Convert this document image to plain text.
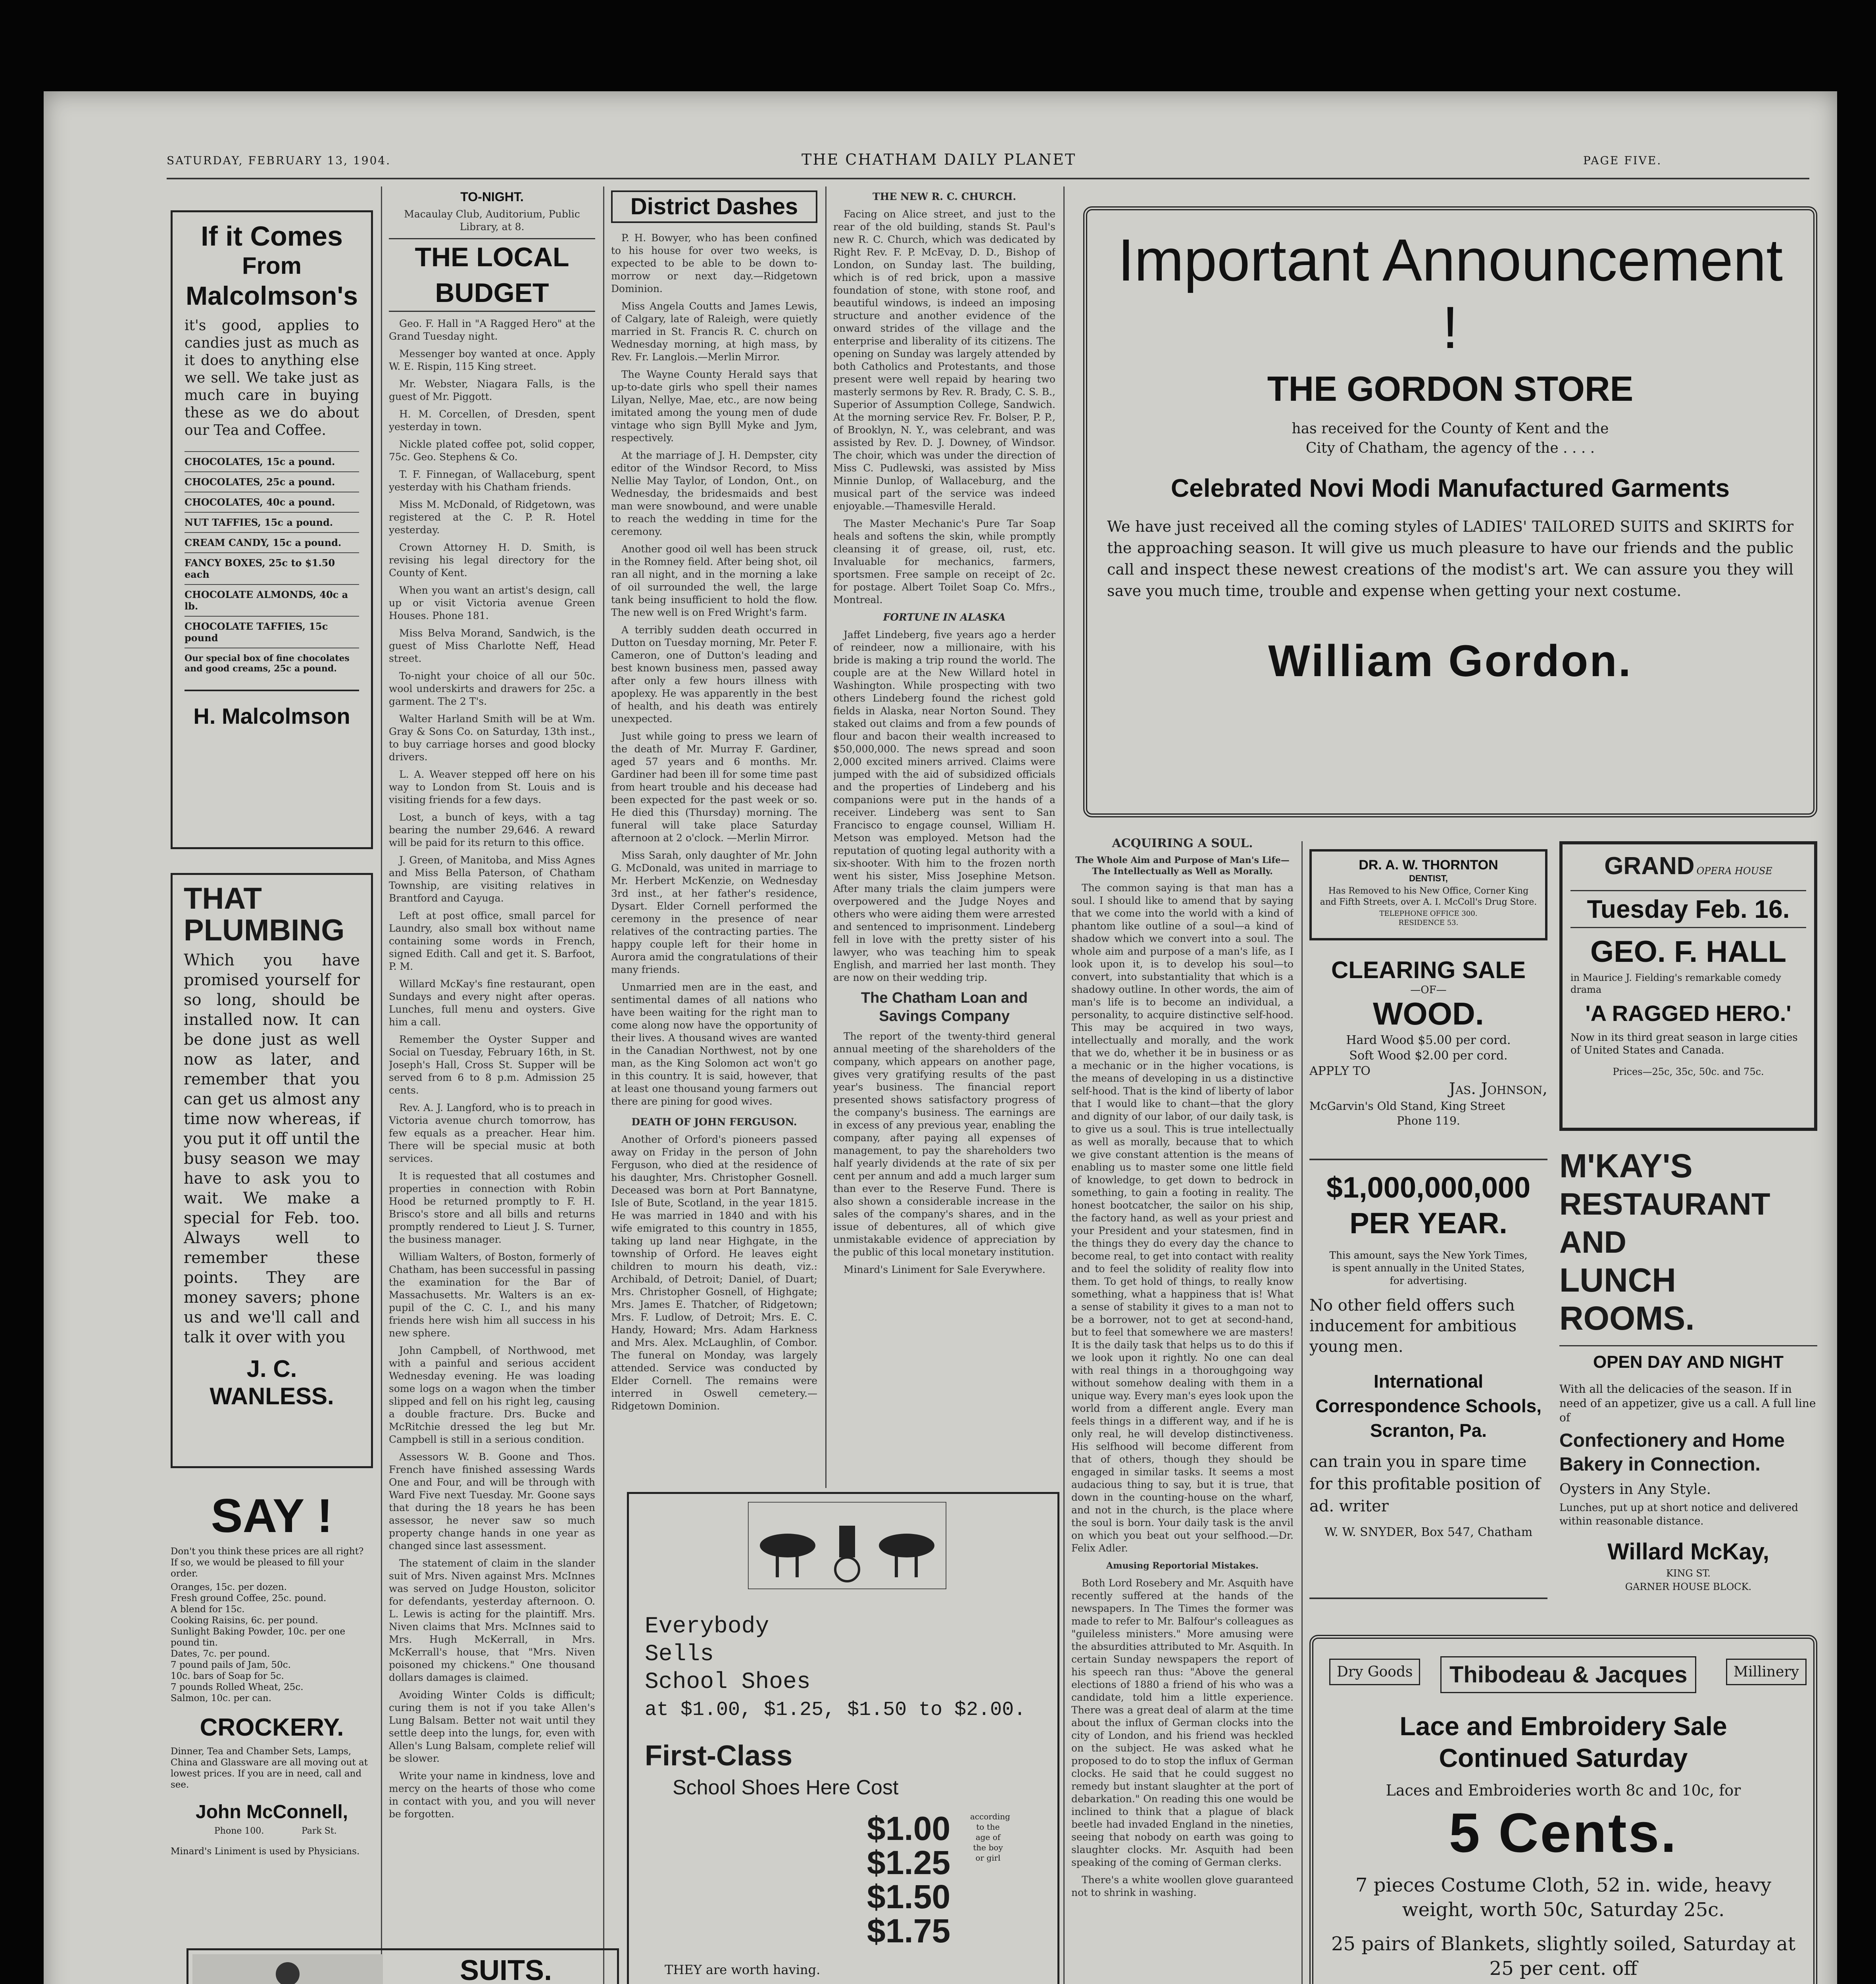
SATURDAY, FEBRUARY 13, 1904.	THE CHATHAM DAILY PLANET	PAGE FIVE.

If it Comes

From

Malcolmson's

it's good, applies to candies just as much as it does to anything else we sell. We take just as much care in buying these as we do about our Tea and Coffee.

CHOCOLATES, 15c a pound.

CHOCOLATES, 25c a pound.

CHOCOLATES, 40c a pound.

NUT TAFFIES, 15c a pound.

CREAM CANDY, 15c a pound.

FANCY BOXES, 25c to $1.50 each

CHOCOLATE ALMONDS, 40c a lb.

CHOCOLATE TAFFIES, 15c pound

Our special box of fine chocolates and good creams, 25c a pound.

H. Malcolmson

THAT

PLUMBING

Which you have promised yourself for so long, should be installed now. It can be done just as well now as later, and remember that you can get us almost any time now whereas, if you put it off until the busy season we may have to ask you to wait. We make a special for Feb. too. Always well to remember these points. They are money savers; phone us and we'll call and talk it over with you

J. C. WANLESS.

SAY !

Don't you think these prices are all right? If so, we would be pleased to fill your order.

Oranges, 15c. per dozen.
Fresh ground Coffee, 25c. pound.
A blend for 15c.
Cooking Raisins, 6c. per pound.
Sunlight Baking Powder, 10c. per one pound tin.
Dates, 7c. per pound.
7 pound pails of Jam, 50c.
10c. bars of Soap for 5c.
7 pounds Rolled Wheat, 25c.
Salmon, 10c. per can.

CROCKERY.

Dinner, Tea and Chamber Sets, Lamps, China and Glassware are all moving out at lowest prices. If you are in need, call and see.

John McConnell,

Phone 100.	Park St.

Minard's Liniment is used by Physicians.

SUITS.

TO-NIGHT.

Macaulay Club, Auditorium, Public Library, at 8.

THE LOCAL BUDGET

Geo. F. Hall in "A Ragged Hero" at the Grand Tuesday night.

Messenger boy wanted at once. Apply W. E. Rispin, 115 King street.

Mr. Webster, Niagara Falls, is the guest of Mr. Piggott.

H. M. Corcellen, of Dresden, spent yesterday in town.

Nickle plated coffee pot, solid copper, 75c. Geo. Stephens & Co.

T. F. Finnegan, of Wallaceburg, spent yesterday with his Chatham friends.

Miss M. McDonald, of Ridgetown, was registered at the C. P. R. Hotel yesterday.

Crown Attorney H. D. Smith, is revising his legal directory for the County of Kent.

When you want an artist's design, call up or visit Victoria avenue Green Houses. Phone 181.

Miss Belva Morand, Sandwich, is the guest of Miss Charlotte Neff, Head street.

To-night your choice of all our 50c. wool underskirts and drawers for 25c. a garment. The 2 T's.

Walter Harland Smith will be at Wm. Gray & Sons Co. on Saturday, 13th inst., to buy carriage horses and good blocky drivers.

L. A. Weaver stepped off here on his way to London from St. Louis and is visiting friends for a few days.

Lost, a bunch of keys, with a tag bearing the number 29,646. A reward will be paid for its return to this office.

J. Green, of Manitoba, and Miss Agnes and Miss Bella Paterson, of Chatham Township, are visiting relatives in Brantford and Cayuga.

Left at post office, small parcel for Laundry, also small box without name containing some words in French, signed Edith. Call and get it. S. Barfoot, P. M.

Willard McKay's fine restaurant, open Sundays and every night after operas. Lunches, full menu and oysters. Give him a call.

Remember the Oyster Supper and Social on Tuesday, February 16th, in St. Joseph's Hall, Cross St. Supper will be served from 6 to 8 p.m. Admission 25 cents.

Rev. A. J. Langford, who is to preach in Victoria avenue church tomorrow, has few equals as a preacher. Hear him. There will be special music at both services.

It is requested that all costumes and properties in connection with Robin Hood be returned promptly to F. H. Brisco's store and all bills and returns promptly rendered to Lieut J. S. Turner, the business manager.

William Walters, of Boston, formerly of Chatham, has been successful in passing the examination for the Bar of Massachusetts. Mr. Walters is an ex-pupil of the C. C. I., and his many friends here wish him all success in his new sphere.

John Campbell, of Northwood, met with a painful and serious accident Wednesday evening. He was loading some logs on a wagon when the timber slipped and fell on his right leg, causing a double fracture. Drs. Bucke and McRitchie dressed the leg but Mr. Campbell is still in a serious condition.

Assessors W. B. Goone and Thos. French have finished assessing Wards One and Four, and will be through with Ward Five next Tuesday. Mr. Goone says that during the 18 years he has been assessor, he never saw so much property change hands in one year as changed since last assessment.

The statement of claim in the slander suit of Mrs. Niven against Mrs. McInnes was served on Judge Houston, solicitor for defendants, yesterday afternoon. O. L. Lewis is acting for the plaintiff. Mrs. Niven claims that Mrs. McInnes said to Mrs. Hugh McKerrall, in Mrs. McKerrall's house, that "Mrs. Niven poisoned my chickens." One thousand dollars damages is claimed.

Avoiding Winter Colds is difficult; curing them is not if you take Allen's Lung Balsam. Better not wait until they settle deep into the lungs, for, even with Allen's Lung Balsam, complete relief will be slower.

Write your name in kindness, love and mercy on the hearts of those who come in contact with you, and you will never be forgotten.

District Dashes

P. H. Bowyer, who has been confined to his house for over two weeks, is expected to be able to be down to-morrow or next day.—Ridgetown Dominion.

Miss Angela Coutts and James Lewis, of Calgary, late of Raleigh, were quietly married in St. Francis R. C. church on Wednesday morning, at high mass, by Rev. Fr. Langlois.—Merlin Mirror.

The Wayne County Herald says that up-to-date girls who spell their names Lilyan, Nellye, Mae, etc., are now being imitated among the young men of dude vintage who sign Bylll Myke and Jym, respectively.

At the marriage of J. H. Dempster, city editor of the Windsor Record, to Miss Nellie May Taylor, of London, Ont., on Wednesday, the bridesmaids and best man were snowbound, and were unable to reach the wedding in time for the ceremony.

Another good oil well has been struck in the Romney field. After being shot, oil ran all night, and in the morning a lake of oil surrounded the well, the large tank being insufficient to hold the flow. The new well is on Fred Wright's farm.

A terribly sudden death occurred in Dutton on Tuesday morning, Mr. Peter F. Cameron, one of Dutton's leading and best known business men, passed away after only a few hours illness with apoplexy. He was apparently in the best of health, and his death was entirely unexpected.

Just while going to press we learn of the death of Mr. Murray F. Gardiner, aged 57 years and 6 months. Mr. Gardiner had been ill for some time past from heart trouble and his decease had been expected for the past week or so. He died this (Thursday) morning. The funeral will take place Saturday afternoon at 2 o'clock. —Merlin Mirror.

Miss Sarah, only daughter of Mr. John G. McDonald, was united in marriage to Mr. Herbert McKenzie, on Wednesday 3rd inst., at her father's residence, Dysart. Elder Cornell performed the ceremony in the presence of near relatives of the contracting parties. The happy couple left for their home in Aurora amid the congratulations of their many friends.

Unmarried men are in the east, and sentimental dames of all nations who have been waiting for the right man to come along now have the opportunity of their lives. A thousand wives are wanted in the Canadian Northwest, not by one man, as the King Solomon act won't go in this country. It is said, however, that at least one thousand young farmers out there are pining for good wives.

DEATH OF JOHN FERGUSON.

Another of Orford's pioneers passed away on Friday in the person of John Ferguson, who died at the residence of his daughter, Mrs. Christopher Gosnell. Deceased was born at Port Bannatyne, Isle of Bute, Scotland, in the year 1815. He was married in 1840 and with his wife emigrated to this country in 1855, taking up land near Highgate, in the township of Orford. He leaves eight children to mourn his death, viz.: Archibald, of Detroit; Daniel, of Duart; Mrs. Christopher Gosnell, of Highgate; Mrs. James E. Thatcher, of Ridgetown; Mrs. F. Ludlow, of Detroit; Mrs. E. C. Handy, Howard; Mrs. Adam Harkness and Mrs. Alex. McLaughlin, of Combor. The funeral on Monday, was largely attended. Service was conducted by Elder Cornell. The remains were interred in Oswell cemetery.—Ridgetown Dominion.

THE NEW R. C. CHURCH.

Facing on Alice street, and just to the rear of the old building, stands St. Paul's new R. C. Church, which was dedicated by Right Rev. F. P. McEvay, D. D., Bishop of London, on Sunday last. The building, which is of red brick, upon a massive foundation of stone, with stone roof, and beautiful windows, is indeed an imposing structure and another evidence of the onward strides of the village and the enterprise and liberality of its citizens. The opening on Sunday was largely attended by both Catholics and Protestants, and those present were well repaid by hearing two masterly sermons by Rev. R. Brady, C. S. B., Superior of Assumption College, Sandwich. At the morning service Rev. Fr. Bolser, P. P., of Brooklyn, N. Y., was celebrant, and was assisted by Rev. D. J. Downey, of Windsor. The choir, which was under the direction of Miss C. Pudlewski, was assisted by Miss Minnie Dunlop, of Wallaceburg, and the musical part of the service was indeed enjoyable.—Thamesville Herald.

The Master Mechanic's Pure Tar Soap heals and softens the skin, while promptly cleansing it of grease, oil, rust, etc. Invaluable for mechanics, farmers, sportsmen. Free sample on receipt of 2c. for postage. Albert Toilet Soap Co. Mfrs., Montreal.

FORTUNE IN ALASKA

Jaffet Lindeberg, five years ago a herder of reindeer, now a millionaire, with his bride is making a trip round the world. The couple are at the New Willard hotel in Washington. While prospecting with two others Lindeberg found the richest gold fields in Alaska, near Norton Sound. They staked out claims and from a few pounds of flour and bacon their wealth increased to $50,000,000. The news spread and soon 2,000 excited miners arrived. Claims were jumped with the aid of subsidized officials and the properties of Lindeberg and his companions were put in the hands of a receiver. Lindeberg was sent to San Francisco to engage counsel, William H. Metson was employed. Metson had the reputation of quoting legal authority with a six-shooter. With him to the frozen north went his sister, Miss Josephine Metson. After many trials the claim jumpers were overpowered and the Judge Noyes and others who were aiding them were arrested and sentenced to imprisonment. Lindeberg fell in love with the pretty sister of his lawyer, who was teaching him to speak English, and married her last month. They are now on their wedding trip.

The Chatham Loan and Savings Company

The report of the twenty-third general annual meeting of the shareholders of the company, which appears on another page, gives very gratifying results of the past year's business. The financial report presented shows satisfactory progress of the company's business. The earnings are in excess of any previous year, enabling the company, after paying all expenses of management, to pay the shareholders two half yearly dividends at the rate of six per cent per annum and add a much larger sum than ever to the Reserve Fund. There is also shown a considerable increase in the sales of the company's shares, and in the issue of debentures, all of which give unmistakable evidence of appreciation by the public of this local monetary institution.

Minard's Liniment for Sale Everywhere.

Everybody

Sells

School Shoes

at $1.00, $1.25, $1.50 to $2.00.

First-Class

School Shoes Here Cost

$1.00

$1.25

$1.50

$1.75

according to the age of the boy or girl

THEY are worth having.

Important Announcement !

THE GORDON STORE

has received for the County of Kent and the

City of Chatham, the agency of the . . . .

Celebrated Novi Modi Manufactured Garments

We have just received all the coming styles of LADIES' TAILORED SUITS and SKIRTS for the approaching season. It will give us much pleasure to have our friends and the public call and inspect these newest creations of the modist's art. We can assure you they will save you much time, trouble and expense when getting your next costume.

William Gordon.

ACQUIRING A SOUL.

The Whole Aim and Purpose of Man's Life—The Intellectually as Well as Morally.

The common saying is that man has a soul. I should like to amend that by saying that we come into the world with a kind of phantom like outline of a soul—a kind of shadow which we convert into a soul. The whole aim and purpose of a man's life, as I look upon it, is to develop his soul—to convert, into substantiality that which is a shadowy outline. In other words, the aim of man's life is to become an individual, a personality, to acquire distinctive self-hood. This may be acquired in two ways, intellectually and morally, and the work that we do, whether it be in business or as a mechanic or in the higher vocations, is the means of developing in us a distinctive self-hood. That is the kind of liberty of labor that I would like to chant—that the glory and dignity of our labor, of our daily task, is to give us a soul. This is true intellectually as well as morally, because that to which we give constant attention is the means of enabling us to master some one little field of knowledge, to get down to bedrock in something, to gain a footing in reality. The honest bootcatcher, the sailor on his ship, the factory hand, as well as your priest and your President and your statesmen, find in the things they do every day the chance to become real, to get into contact with reality and to feel the solidity of reality flow into them. To get hold of things, to really know something, what a happiness that is! What a sense of stability it gives to a man not to be a borrower, not to get at second-hand, but to feel that somewhere we are masters! It is the daily task that helps us to do this if we look upon it rightly. No one can deal with real things in a thoroughgoing way without somehow dealing with them in a unique way. Every man's eyes look upon the world from a different angle. Every man feels things in a different way, and if he is only real, he will develop distinctiveness. His selfhood will become different from that of others, though they should be engaged in similar tasks. It seems a most audacious thing to say, but it is true, that down in the counting-house on the wharf, and not in the church, is the place where the soul is born. Your daily task is the anvil on which you beat out your selfhood.—Dr. Felix Adler.

Amusing Reportorial Mistakes.

Both Lord Rosebery and Mr. Asquith have recently suffered at the hands of the newspapers. In The Times the former was made to refer to Mr. Balfour's colleagues as "guileless ministers." More amusing were the absurdities attributed to Mr. Asquith. In certain Sunday newspapers the report of his speech ran thus: "Above the general elections of 1880 a friend of his who was a candidate, told him a little experience. There was a great deal of alarm at the time about the influx of German clocks into the city of London, and his friend was heckled on the subject. He was asked what he proposed to do to stop the influx of German clocks. He said that he could suggest no remedy but instant slaughter at the port of debarkation." On reading this one would be inclined to think that a plague of black beetle had invaded England in the nineties, seeing that nobody on earth was going to slaughter clocks. Mr. Asquith had been speaking of the coming of German clerks.

There's a white woollen glove guaranteed not to shrink in washing.

DR. A. W. THORNTON

DENTIST,

Has Removed to his New Office, Corner King and Fifth Streets, over A. I. McColl's Drug Store.

TELEPHONE OFFICE 300.

RESIDENCE 53.

CLEARING SALE

—OF—

WOOD.

Hard Wood $5.00 per cord.

Soft Wood $2.00 per cord.

APPLY TO

Jas. Johnson,

McGarvin's Old Stand, King Street

Phone 119.

$1,000,000,000

PER YEAR.

This amount, says the New York Times, is spent annually in the United States, for advertising.

No other field offers such inducement for ambitious young men.

International Correspondence Schools, Scranton, Pa.

can train you in spare time for this profitable position of ad. writer

W. W. SNYDER, Box 547, Chatham

GRAND OPERA HOUSE

Tuesday Feb. 16.

GEO. F. HALL

in Maurice J. Fielding's remarkable comedy drama

'A RAGGED HERO.'

Now in its third great season in large cities of United States and Canada.

Prices—25c, 35c, 50c. and 75c.

M'KAY'S

RESTAURANT AND

LUNCH ROOMS.

OPEN DAY AND NIGHT

With all the delicacies of the season. If in need of an appetizer, give us a call. A full line of

Confectionery and Home Bakery in Connection.

Oysters in Any Style.

Lunches, put up at short notice and delivered within reasonable distance.

Willard McKay,

KING ST.

GARNER HOUSE BLOCK.

Dry Goods	Thibodeau & Jacques	Millinery

Lace and Embroidery Sale

Continued Saturday

Laces and Embroideries worth 8c and 10c, for

5 Cents.

7 pieces Costume Cloth, 52 in. wide, heavy weight, worth 50c, Saturday 25c.

25 pairs of Blankets, slightly soiled, Saturday at 25 per cent. off
